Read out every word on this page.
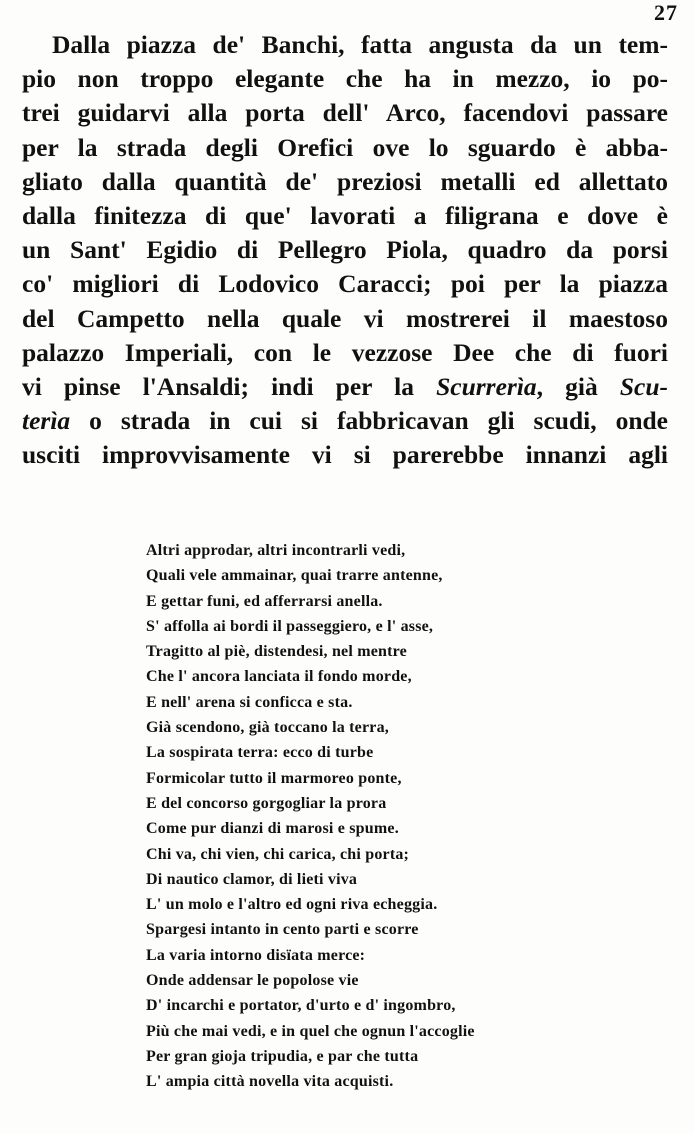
27
Dalla piazza de' Banchi, fatta angusta da un tem-
pio non troppo elegante che ha in mezzo, io po-
trei guidarvi alla porta dell' Arco, facendovi passare
per la strada degli Orefici ove lo sguardo è abba-
gliato dalla quantità de' preziosi metalli ed allettato
dalla finitezza di que' lavorati a filigrana e dove è
un Sant' Egidio di Pellegro Piola, quadro da porsi
co' migliori di Lodovico Caracci; poi per la piazza
del Campetto nella quale vi mostrerei il maestoso
palazzo Imperiali, con le vezzose Dee che di fuori
vi pinse l'Ansaldi; indi per la Scurrerìa, già Scu-
terìa o strada in cui si fabbricavan gli scudi, onde
usciti improvvisamente vi si parerebbe innanzi agli
Altri approdar, altri incontrarli vedi,
Quali vele ammainar, quai trarre antenne,
E gettar funi, ed afferrarsi anella.
S' affolla ai bordi il passeggiero, e l' asse,
Tragitto al piè, distendesi, nel mentre
Che l' ancora lanciata il fondo morde,
E nell' arena si conficca e sta.
Già scendono, già toccano la terra,
La sospirata terra: ecco di turbe
Formicolar tutto il marmoreo ponte,
E del concorso gorgogliar la prora
Come pur dianzi di marosi e spume.
Chi va, chi vien, chi carica, chi porta;
Di nautico clamor, di lieti viva
L' un molo e l'altro ed ogni riva echeggia.
Spargesi intanto in cento parti e scorre
La varia intorno disïata merce:
Onde addensar le popolose vie
D' incarchi e portator, d'urto e d' ingombro,
Più che mai vedi, e in quel che ognun l'accoglie
Per gran gioja tripudia, e par che tutta
L' ampia città novella vita acquisti.
